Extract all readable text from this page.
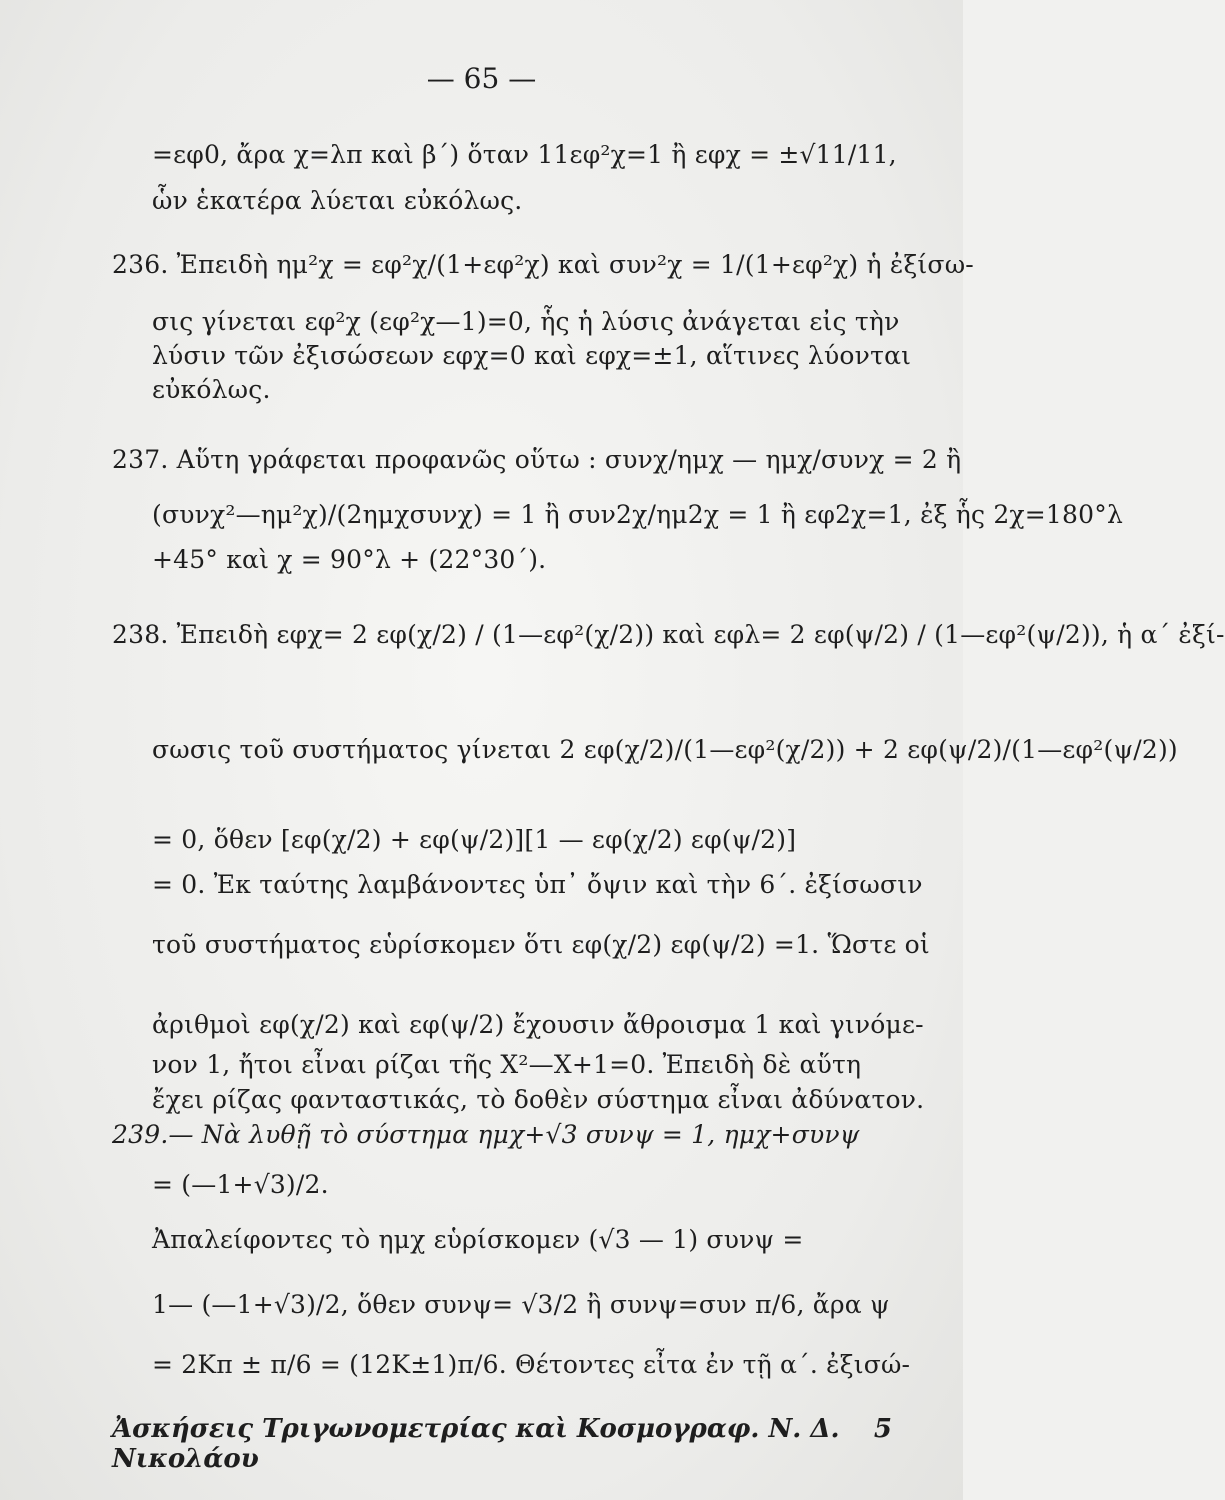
— 65 —
=εφ0, ἄρα χ=λπ καὶ β΄) ὅταν 11εφ²χ=1 ἢ εφχ = ±√11/11,
ὧν ἑκατέρα λύεται εὐκόλως.
236. Ἐπειδὴ ημ²χ = εφ²χ/(1+εφ²χ) καὶ συν²χ = 1/(1+εφ²χ) ἡ ἐξίσω-
σις γίνεται εφ²χ (εφ²χ—1)=0, ἧς ἡ λύσις ἀνάγεται εἰς τὴν
λύσιν τῶν ἐξισώσεων εφχ=0 καὶ εφχ=±1, αἵτινες λύονται
εὐκόλως.
237. Αὕτη γράφεται προφανῶς οὕτω : συνχ/ημχ — ημχ/συνχ = 2 ἢ
(συνχ²—ημ²χ)/(2ημχσυνχ) = 1 ἢ συν2χ/ημ2χ = 1 ἢ εφ2χ=1, ἐξ ἧς 2χ=180°λ
+45° καὶ χ = 90°λ + (22°30΄).
238. Ἐπειδὴ εφχ= 2 εφ(χ/2) / (1—εφ²(χ/2)) καὶ εφλ= 2 εφ(ψ/2) / (1—εφ²(ψ/2)), ἡ α΄ ἐξί-
σωσις τοῦ συστήματος γίνεται 2 εφ(χ/2)/(1—εφ²(χ/2)) + 2 εφ(ψ/2)/(1—εφ²(ψ/2))
= 0, ὅθεν [εφ(χ/2) + εφ(ψ/2)][1 — εφ(χ/2) εφ(ψ/2)]
= 0. Ἐκ ταύτης λαμβάνοντες ὑπ᾽ ὄψιν καὶ τὴν 6΄. ἐξίσωσιν
τοῦ συστήματος εὑρίσκομεν ὅτι εφ(χ/2) εφ(ψ/2) =1. Ὥστε οἱ
ἀριθμοὶ εφ(χ/2) καὶ εφ(ψ/2) ἔχουσιν ἄθροισμα 1 καὶ γινόμε-
νον 1, ἤτοι εἶναι ρίζαι τῆς Χ²—Χ+1=0. Ἐπειδὴ δὲ αὕτη
ἔχει ρίζας φανταστικάς, τὸ δοθὲν σύστημα εἶναι ἀδύνατον.
239.— Νὰ λυθῇ τὸ σύστημα ημχ+√3 συνψ = 1, ημχ+συνψ
= (—1+√3)/2.
Ἀπαλείφοντες τὸ ημχ εὑρίσκομεν (√3 — 1) συνψ =
1— (—1+√3)/2, ὅθεν συνψ= √3/2 ἢ συνψ=συν π/6, ἄρα ψ
= 2Κπ ± π/6 = (12Κ±1)π/6. Θέτοντες εἶτα ἐν τῇ α΄. ἐξισώ-
Ἀσκήσεις Τριγωνομετρίας καὶ Κοσμογραφ. Ν. Δ. Νικολάου
5
